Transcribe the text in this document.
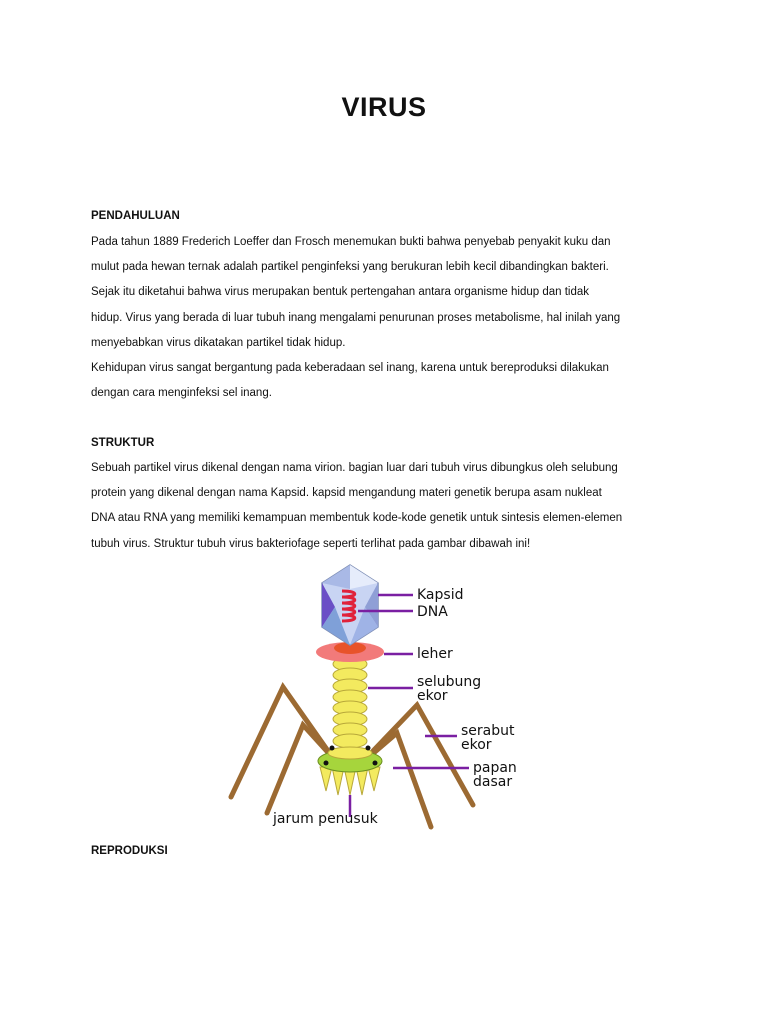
VIRUS
PENDAHULUAN
Pada tahun 1889 Frederich Loeffer dan Frosch menemukan bukti bahwa penyebab penyakit kuku dan
mulut pada hewan ternak adalah partikel penginfeksi yang berukuran lebih kecil dibandingkan bakteri.
Sejak itu diketahui bahwa virus merupakan bentuk pertengahan antara organisme hidup dan tidak
hidup. Virus yang berada di luar tubuh inang mengalami penurunan proses metabolisme, hal inilah yang
menyebabkan virus dikatakan partikel tidak hidup.
Kehidupan virus sangat bergantung pada keberadaan sel inang, karena untuk bereproduksi dilakukan
dengan cara menginfeksi sel inang.
STRUKTUR
Sebuah partikel virus dikenal dengan nama virion. bagian luar dari tubuh virus dibungkus oleh selubung
protein yang dikenal dengan nama Kapsid. kapsid mengandung materi genetik berupa asam nukleat
DNA atau RNA yang memiliki kemampuan membentuk kode-kode genetik untuk sintesis elemen-elemen
tubuh virus. Struktur tubuh virus bakteriofage seperti terlihat pada gambar dibawah ini!
Kapsid
DNA
leher
selubung
ekor
serabut
ekor
papan
dasar
jarum penusuk
REPRODUKSI
